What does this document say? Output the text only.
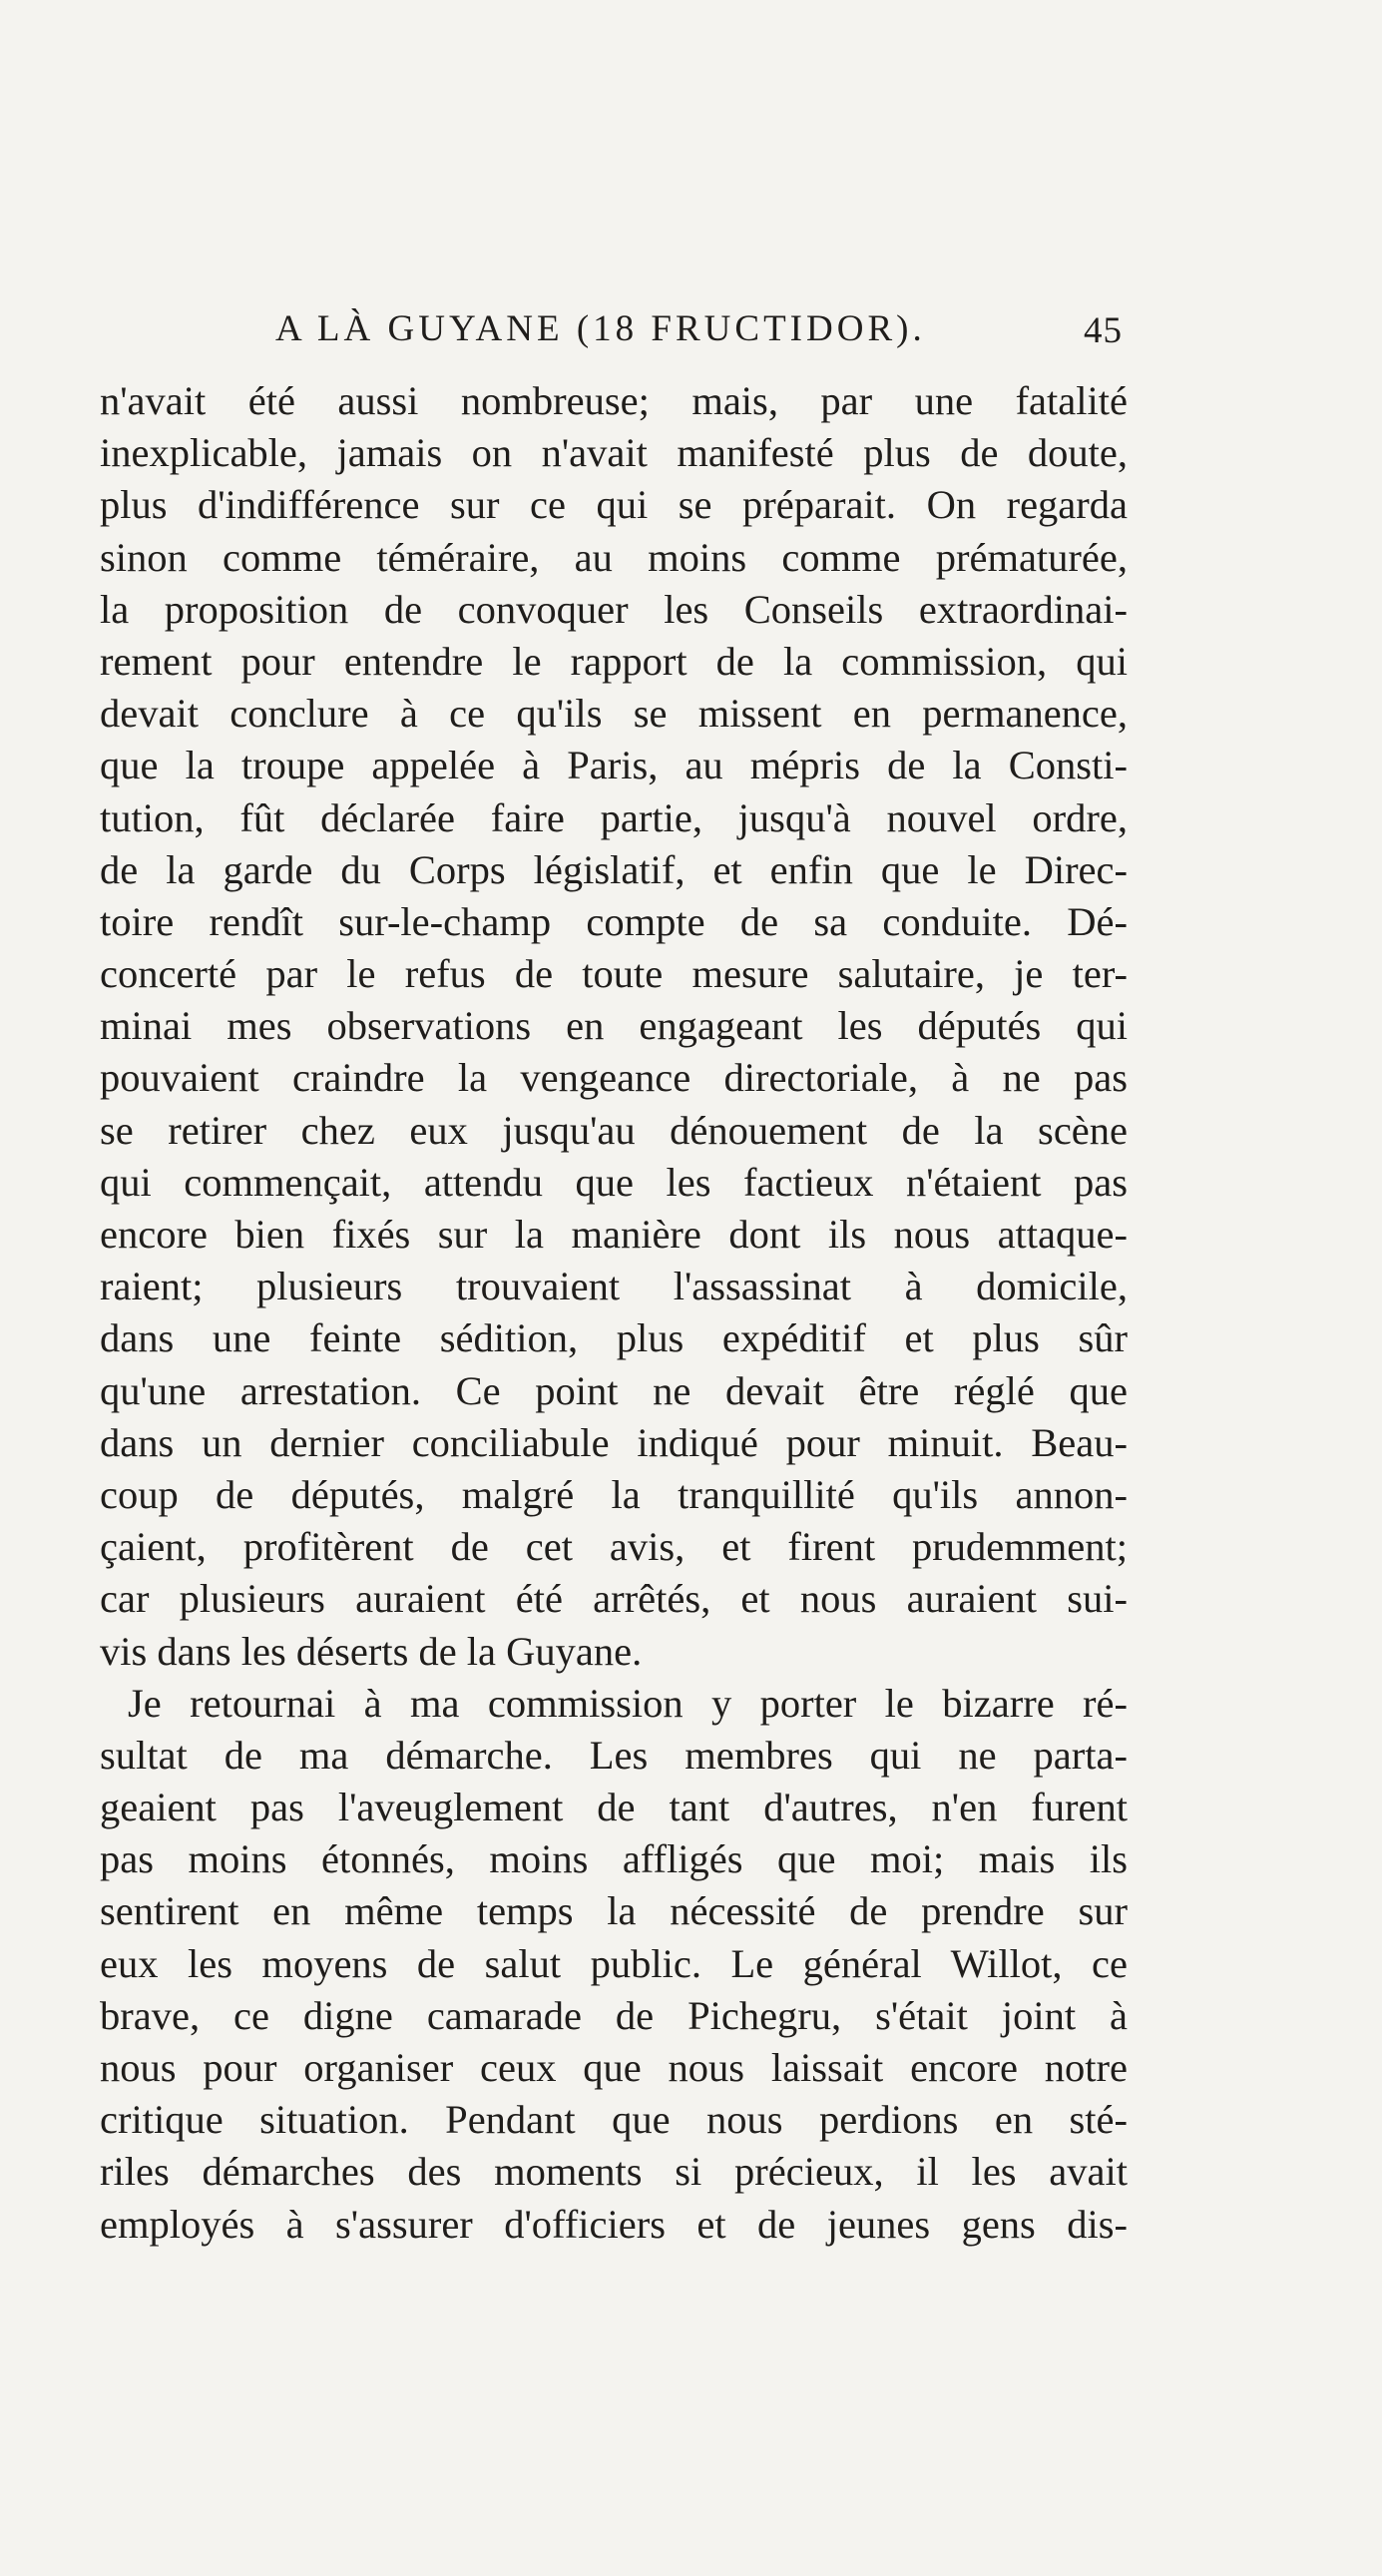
A LÀ GUYANE (18 FRUCTIDOR).	45
n'avait été aussi nombreuse; mais, par une fatalité
inexplicable, jamais on n'avait manifesté plus de doute,
plus d'indifférence sur ce qui se préparait. On regarda
sinon comme téméraire, au moins comme prématurée,
la proposition de convoquer les Conseils extraordinai-
rement pour entendre le rapport de la commission, qui
devait conclure à ce qu'ils se missent en permanence,
que la troupe appelée à Paris, au mépris de la Consti-
tution, fût déclarée faire partie, jusqu'à nouvel ordre,
de la garde du Corps législatif, et enfin que le Direc-
toire rendît sur-le-champ compte de sa conduite. Dé-
concerté par le refus de toute mesure salutaire, je ter-
minai mes observations en engageant les députés qui
pouvaient craindre la vengeance directoriale, à ne pas
se retirer chez eux jusqu'au dénouement de la scène
qui commençait, attendu que les factieux n'étaient pas
encore bien fixés sur la manière dont ils nous attaque-
raient; plusieurs trouvaient l'assassinat à domicile,
dans une feinte sédition, plus expéditif et plus sûr
qu'une arrestation. Ce point ne devait être réglé que
dans un dernier conciliabule indiqué pour minuit. Beau-
coup de députés, malgré la tranquillité qu'ils annon-
çaient, profitèrent de cet avis, et firent prudemment;
car plusieurs auraient été arrêtés, et nous auraient sui-
vis dans les déserts de la Guyane.
Je retournai à ma commission y porter le bizarre ré-
sultat de ma démarche. Les membres qui ne parta-
geaient pas l'aveuglement de tant d'autres, n'en furent
pas moins étonnés, moins affligés que moi; mais ils
sentirent en même temps la nécessité de prendre sur
eux les moyens de salut public. Le général Willot, ce
brave, ce digne camarade de Pichegru, s'était joint à
nous pour organiser ceux que nous laissait encore notre
critique situation. Pendant que nous perdions en sté-
riles démarches des moments si précieux, il les avait
employés à s'assurer d'officiers et de jeunes gens dis-
